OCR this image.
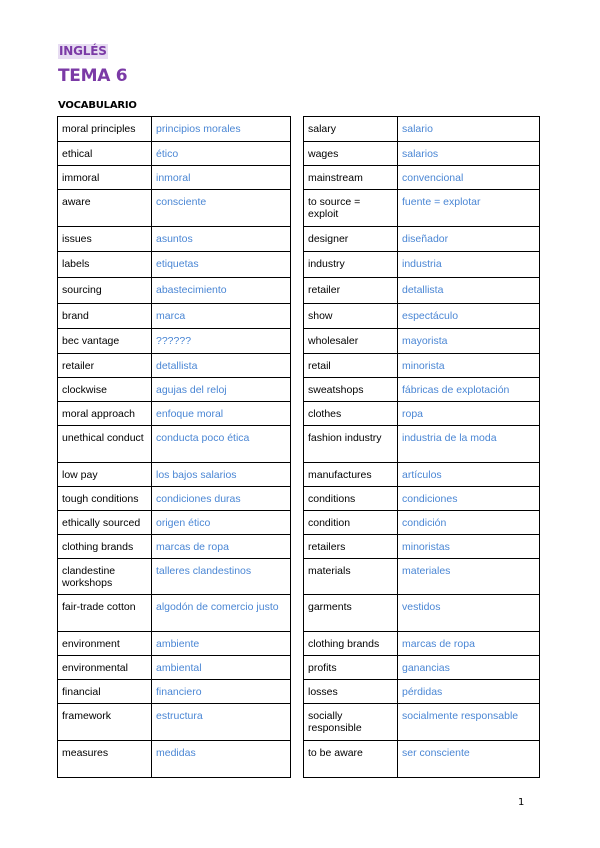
INGLÉS
TEMA 6
VOCABULARIO
moral principles	principios morales
ethical	ético
immoral	inmoral
aware	consciente
issues	asuntos
labels	etiquetas
sourcing	abastecimiento
brand	marca
bec vantage	??????
retailer	detallista
clockwise	agujas del reloj
moral approach	enfoque moral
unethical conduct	conducta poco ética
low pay	los bajos salarios
tough conditions	condiciones duras
ethically sourced	origen ético
clothing brands	marcas de ropa
clandestine workshops	talleres clandestinos
fair-trade cotton	algodón de comercio justo
environment	ambiente
environmental	ambiental
financial	financiero
framework	estructura
measures	medidas
salary	salario
wages	salarios
mainstream	convencional
to source = exploit	fuente = explotar
designer	diseñador
industry	industria
retailer	detallista
show	espectáculo
wholesaler	mayorista
retail	minorista
sweatshops	fábricas de explotación
clothes	ropa
fashion industry	industria de la moda
manufactures	artículos
conditions	condiciones
condition	condición
retailers	minoristas
materials	materiales
garments	vestidos
clothing brands	marcas de ropa
profits	ganancias
losses	pérdidas
socially responsible	socialmente responsable
to be aware	ser consciente
1
